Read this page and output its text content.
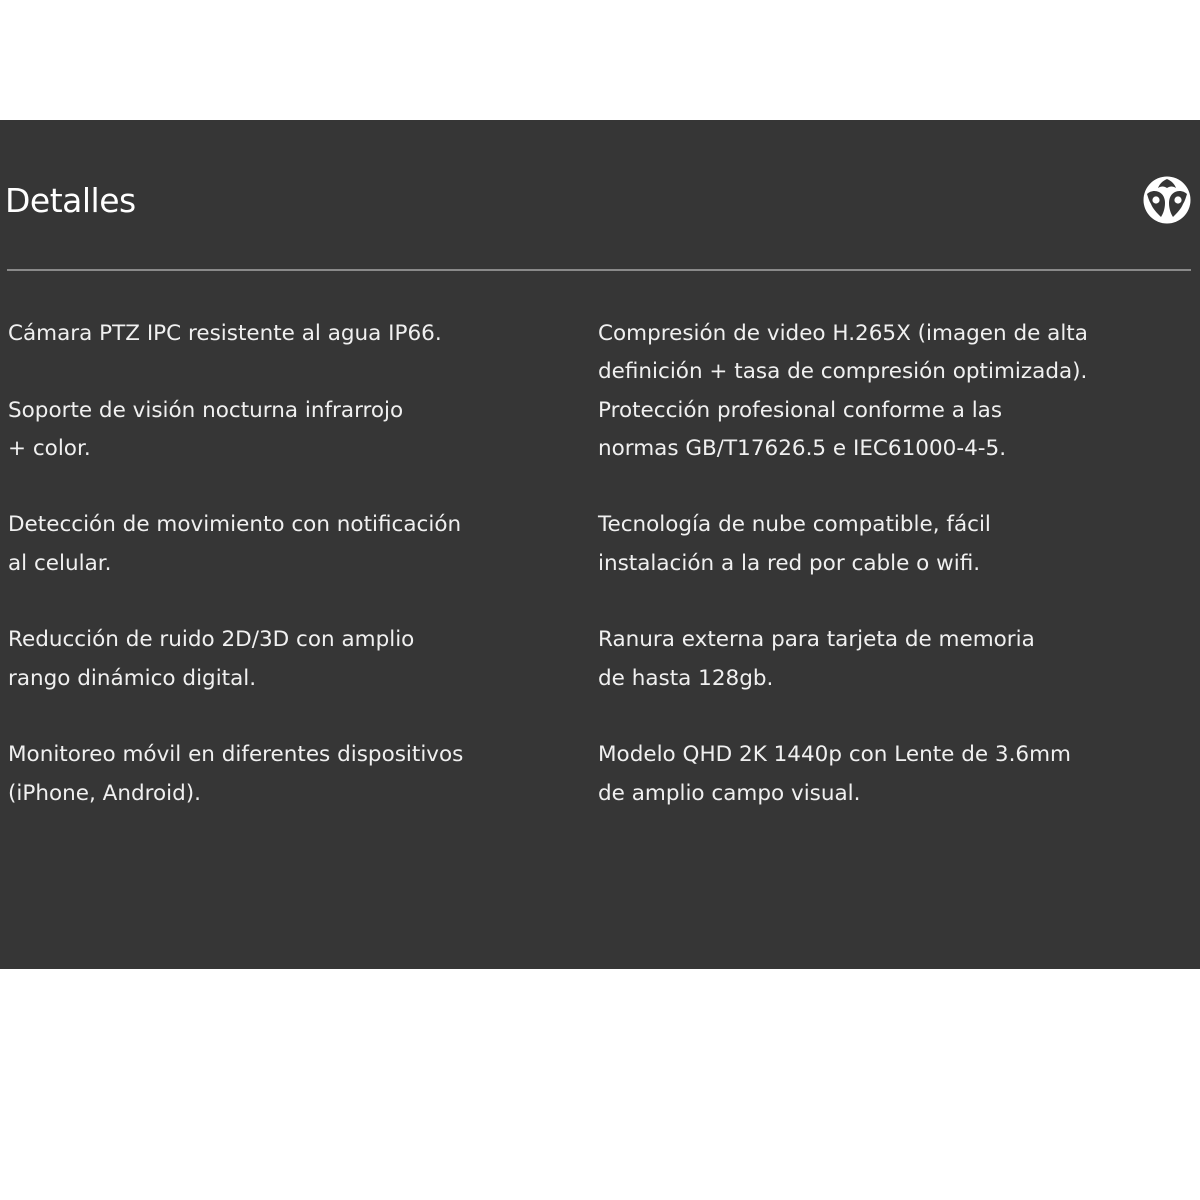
Detalles

Cámara PTZ IPC resistente al agua IP66.

Soporte de visión nocturna infrarrojo
+ color.

Detección de movimiento con notificación
al celular.

Reducción de ruido 2D/3D con amplio
rango dinámico digital.

Monitoreo móvil en diferentes dispositivos
(iPhone, Android).

Compresión de video H.265X (imagen de alta
definición + tasa de compresión optimizada).

Protección profesional conforme a las
normas GB/T17626.5 e IEC61000-4-5.

Tecnología de nube compatible, fácil
instalación a la red por cable o wifi.

Ranura externa para tarjeta de memoria
de hasta 128gb.

Modelo QHD 2K 1440p con Lente de 3.6mm
de amplio campo visual.
